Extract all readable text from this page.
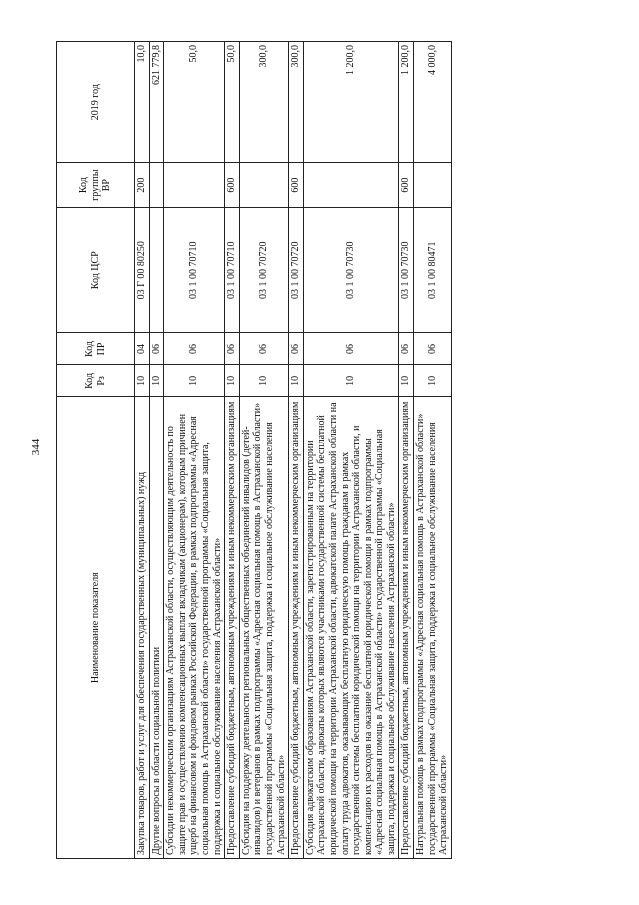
344
Наименование показателя	Код Рз	Код ПР	Код ЦСР	Код группы ВР	2019 год
Закупка товаров, работ и услуг для обеспечения государственных (муниципальных) нужд	10	04	03 Г 00 80250	200	10,0
Другие вопросы в области социальной политики	10	06			621 779,8
Субсидии некоммерческим организациям Астраханской области, осуществляющим деятельность по защите прав и осуществлению компенсационных выплат вкладчикам (акционерам), которым причинен ущерб на финансовом и фондовом рынках Российской Федерации, в рамках подпрограммы «Адресная социальная помощь в Астраханской области» государственной программы «Социальная защита, поддержка и социальное обслуживание населения Астраханской области»	10	06	03 1 00 70710		50,0
Предоставление субсидий бюджетным, автономным учреждениям и иным некоммерческим организациям	10	06	03 1 00 70710	600	50,0
Субсидия на поддержку деятельности региональных общественных объединений инвалидов (детей-инвалидов) и ветеранов в рамках подпрограммы «Адресная социальная помощь в Астраханской области» государственной программы «Социальная защита, поддержка и социальное обслуживание населения Астраханской области»	10	06	03 1 00 70720		300,0
Предоставление субсидий бюджетным, автономным учреждениям и иным некоммерческим организациям	10	06	03 1 00 70720	600	300,0
Субсидия адвокатским образованиям Астраханской области, зарегистрированным на территории Астраханской области, адвокаты которых являются участниками государственной системы бесплатной юридической помощи на территории Астраханской области, адвокатской палате Астраханской области на оплату труда адвокатов, оказывающих бесплатную юридическую помощь гражданам в рамках государственной системы бесплатной юридической помощи на территории Астраханской области, и компенсацию их расходов на оказание бесплатной юридической помощи в рамках подпрограммы «Адресная социальная помощь в Астраханской области» государственной программы «Социальная защита, поддержка и социальное обслуживание населения Астраханской области»	10	06	03 1 00 70730		1 200,0
Предоставление субсидий бюджетным, автономным учреждениям и иным некоммерческим организациям	10	06	03 1 00 70730	600	1 200,0
Натуральная помощь в рамках подпрограммы «Адресная социальная помощь в Астраханской области» государственной программы «Социальная защита, поддержка и социальное обслуживание населения Астраханской области»	10	06	03 1 00 80471		4 000,0
